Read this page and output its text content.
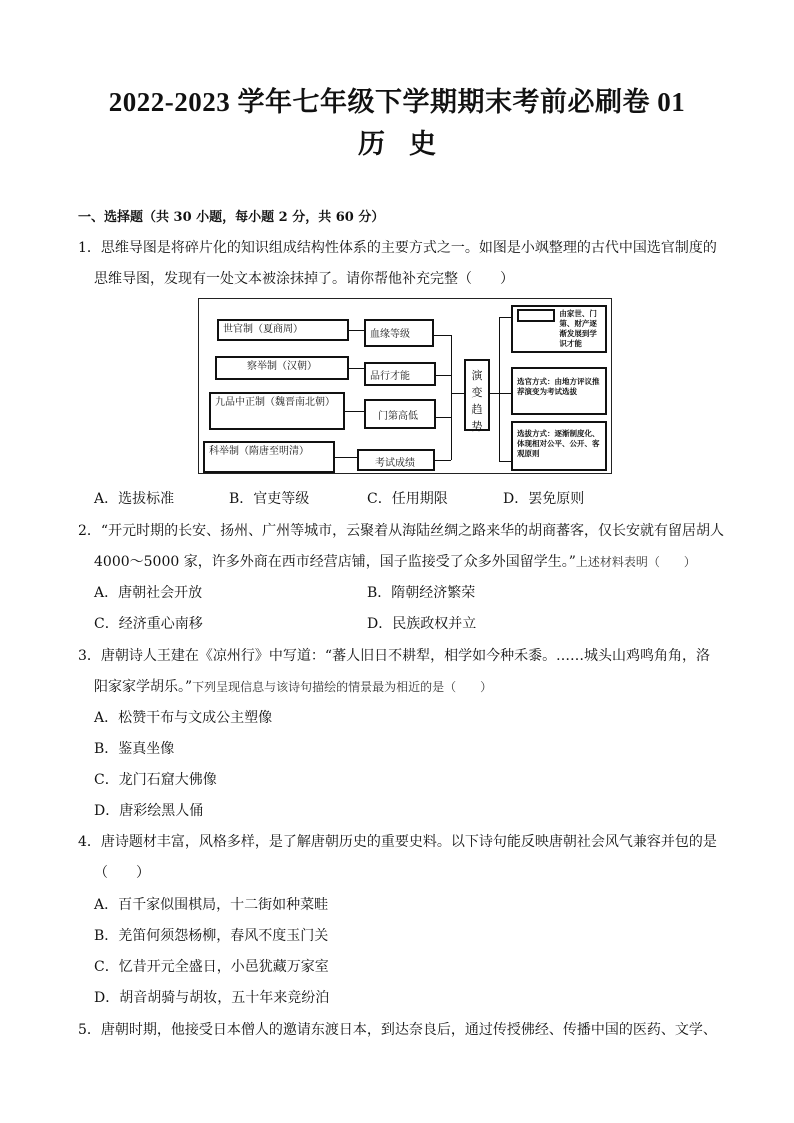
2022-2023 学年七年级下学期期末考前必刷卷 01
历史
一、选择题（共 30 小题，每小题 2 分，共 60 分）
1．思维导图是将碎片化的知识组成结构性体系的主要方式之一。如图是小飒整理的古代中国选官制度的
思维导图，发现有一处文本被涂抹掉了。请你帮他补充完整（　　）
世官制（夏商周）
察举制（汉朝）
九品中正制（魏晋南北朝）
科举制（隋唐至明清）
血缘等级
品行才能
门第高低
考试成绩
演变趋势
由家世、门第、财产逐渐发展到学识才能
选官方式：由地方评议推荐演变为考试选拔
选拔方式：逐渐制度化、体现相对公平、公开、客观原则
A．选拔标准	B．官吏等级	C．任用期限	D．罢免原则
2．“开元时期的长安、扬州、广州等城市，云聚着从海陆丝绸之路来华的胡商蕃客，仅长安就有留居胡人
4000～5000 家，许多外商在西市经营店铺，国子监接受了众多外国留学生。”上述材料表明（　　）
A．唐朝社会开放	B．隋朝经济繁荣
C．经济重心南移	D．民族政权并立
3．唐朝诗人王建在《凉州行》中写道：“蕃人旧日不耕犁，相学如今种禾黍。……城头山鸡鸣角角，洛
阳家家学胡乐。”下列呈现信息与该诗句描绘的情景最为相近的是（　　）
A．松赞干布与文成公主塑像
B．鉴真坐像
C．龙门石窟大佛像
D．唐彩绘黑人俑
4．唐诗题材丰富，风格多样，是了解唐朝历史的重要史料。以下诗句能反映唐朝社会风气兼容并包的是
（　　）
A．百千家似围棋局，十二街如种菜畦
B．羌笛何须怨杨柳，春风不度玉门关
C．忆昔开元全盛日，小邑犹藏万家室
D．胡音胡骑与胡妆，五十年来竞纷泊
5．唐朝时期，他接受日本僧人的邀请东渡日本，到达奈良后，通过传授佛经、传播中国的医药、文学、
